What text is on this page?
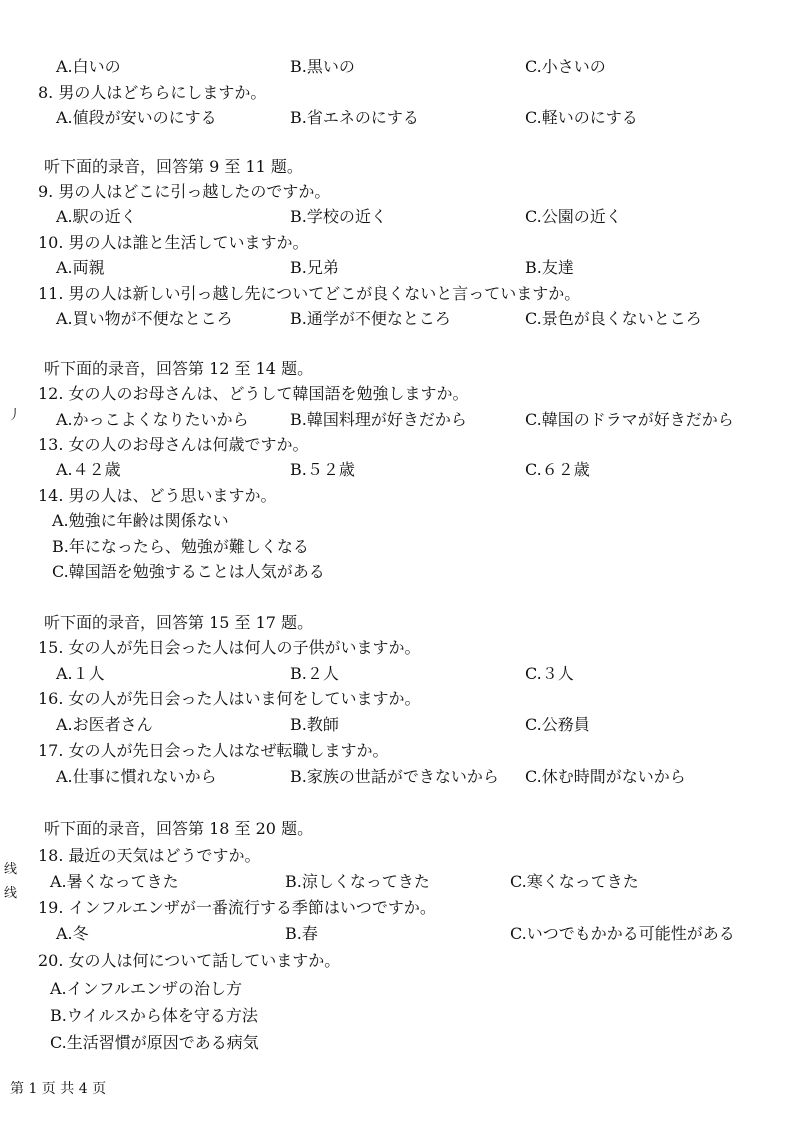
A.白いの	B.黒いの	C.小さいの
8. 男の人はどちらにしますか。
A.値段が安いのにする	B.省エネのにする	C.軽いのにする
听下面的录音，回答第 9 至 11 题。
9. 男の人はどこに引っ越したのですか。
A.駅の近く	B.学校の近く	C.公園の近く
10. 男の人は誰と生活していますか。
A.両親	B.兄弟	B.友達
11. 男の人は新しい引っ越し先についてどこが良くないと言っていますか。
A.買い物が不便なところ	B.通学が不便なところ	C.景色が良くないところ
听下面的录音，回答第 12 至 14 题。
12. 女の人のお母さんは、どうして韓国語を勉強しますか。
A.かっこよくなりたいから	B.韓国料理が好きだから	C.韓国のドラマが好きだから
13. 女の人のお母さんは何歳ですか。
A.４２歳	B.５２歳	C.６２歳
14. 男の人は、どう思いますか。
A.勉強に年齢は関係ない
B.年になったら、勉強が難しくなる
C.韓国語を勉強することは人気がある
听下面的录音，回答第 15 至 17 题。
15. 女の人が先日会った人は何人の子供がいますか。
A.１人	B.２人	C.３人
16. 女の人が先日会った人はいま何をしていますか。
A.お医者さん	B.教師	C.公務員
17. 女の人が先日会った人はなぜ転職しますか。
A.仕事に慣れないから	B.家族の世話ができないから C.休む時間がないから
听下面的录音，回答第 18 至 20 题。
18. 最近の天気はどうですか。
A.暑くなってきた	B.涼しくなってきた	C.寒くなってきた
19. インフルエンザが一番流行する季節はいつですか。
A.冬	B.春	C.いつでもかかる可能性がある
20. 女の人は何について話していますか。
A.インフルエンザの治し方
B.ウイルスから体を守る方法
C.生活習慣が原因である病気
丿
线
线
第 1 页 共 4 页
